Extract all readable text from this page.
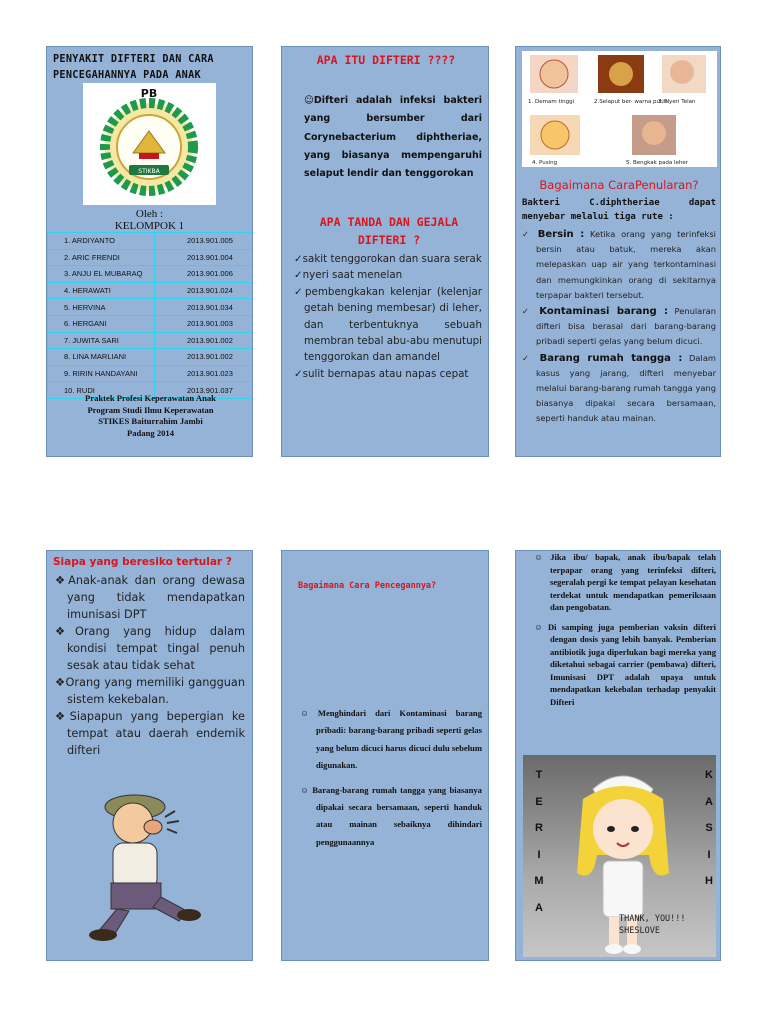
PENYAKIT DIFTERI DAN CARA PENCEGAHANNYA PADA ANAK
PB
STIKBA
Oleh :
KELOMPOK 1
1. ARDIYANTO	2013.901.005
2. ARIC FRENDI	2013.901.004
3. ANJU EL MUBARAQ	2013.901.006
4. HERAWATI	2013.901.024
5. HERVINA	2013.901.034
6. HERGANI	2013.901.003
7. JUWITA SARI	2013.901.002
8. LINA MARLIANI	2013.901.002
9. RIRIN HANDAYANI	2013.901.023
10. RUDI	2013.901.037
Praktek Profesi Keperawatan Anak
Program Studi Ilmu Keperawatan
STIKES Baiturrahim Jambi
Padang 2014
APA ITU DIFTERI ????
☺Difteri adalah infeksi bakteri yang bersumber dari Corynebacterium diphtheriae, yang biasanya mempengaruhi selaput lendir dan tenggorokan
APA TANDA DAN GEJALA DIFTERI ?
✓sakit tenggorokan dan suara serak
✓nyeri saat menelan
✓pembengkakan kelenjar (kelenjar getah bening membesar) di leher, dan terbentuknya sebuah membran tebal abu-abu menutupi tenggorokan dan amandel
✓sulit bernapas atau napas cepat
1. Demam tinggi	2.Selaput ber- warna putih
3. Nyeri Telan
4. Pusing	5. Bengkak pada leher
Bagaimana CaraPenularan?
Bakteri C.diphtheriae dapat menyebar melalui tiga rute :
✓ Bersin : Ketika orang yang terinfeksi bersin atau batuk, mereka akan melepaskan uap air yang terkontaminasi dan memungkinkan orang di sekitarnya terpapar bakteri tersebut.
✓ Kontaminasi barang : Penularan difteri bisa berasal dari barang-barang pribadi seperti gelas yang belum dicuci.
✓ Barang rumah tangga : Dalam kasus yang jarang, difteri menyebar melalui barang-barang rumah tangga yang biasanya dipakai secara bersamaan, seperti handuk atau mainan.
Siapa yang beresiko tertular ?
❖Anak-anak dan orang dewasa yang tidak mendapatkan imunisasi DPT
❖Orang yang hidup dalam kondisi tempat tingal penuh sesak atau tidak sehat
❖Orang yang memiliki gangguan sistem kekebalan.
❖Siapapun yang bepergian ke tempat atau daerah endemik difteri
Bagaimana Cara Pencegannya?
☺ Menghindari dari Kontaminasi barang pribadi: barang-barang pribadi seperti gelas yang belum dicuci harus dicuci dulu sebelum digunakan.
☺ Barang-barang rumah tangga yang biasanya dipakai secara bersamaan, seperti handuk atau mainan sebaiknya dihindari penggunaannya
☺ Jika ibu/ bapak, anak ibu/bapak telah terpapar orang yang terinfeksi difteri, segeralah pergi ke tempat pelayan kesehatan terdekat untuk mendapatkan pemeriksaan dan pengobatan.
☺ Di samping juga pemberian vaksin difteri dengan dosis yang lebih banyak. Pemberian antibiotik juga diperlukan bagi mereka yang diketahui sebagai carrier (pembawa) difteri, Imunisasi DPT adalah upaya untuk mendapatkan kekebalan terhadap penyakit Difteri
T
E
R
I
M
A
K
A
S
I
H
THANK, YOU!!!
SHESLOVE
